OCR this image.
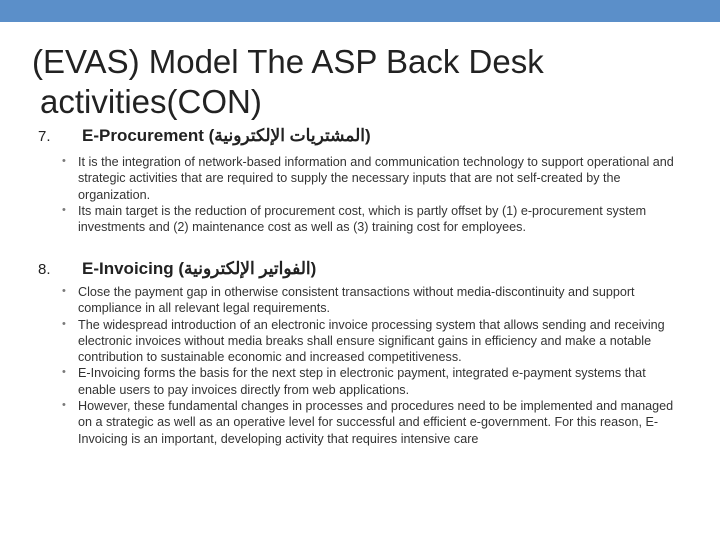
(EVAS) Model The ASP Back Desk
activities(CON)
7.	E-Procurement (المشتريات الإلكترونية)
• It is the integration of network-based information and communication technology to support operational and strategic activities that are required to supply the necessary inputs that are not self-created by the organization.
• Its main target is the reduction of procurement cost, which is partly offset by (1) e-procurement system investments and (2) maintenance cost as well as (3) training cost for employees.
8.	E-Invoicing (الفواتير الإلكترونية)
• Close the payment gap in otherwise consistent transactions without media-discontinuity and support compliance in all relevant legal requirements.
• The widespread introduction of an electronic invoice processing system that allows sending and receiving electronic invoices without media breaks shall ensure significant gains in efficiency and make a notable contribution to sustainable economic and increased competitiveness.
• E-Invoicing forms the basis for the next step in electronic payment, integrated e-payment systems that enable users to pay invoices directly from web applications.
• However, these fundamental changes in processes and procedures need to be implemented and managed on a strategic as well as an operative level for successful and efficient e-government. For this reason, E-Invoicing is an important, developing activity that requires intensive care
